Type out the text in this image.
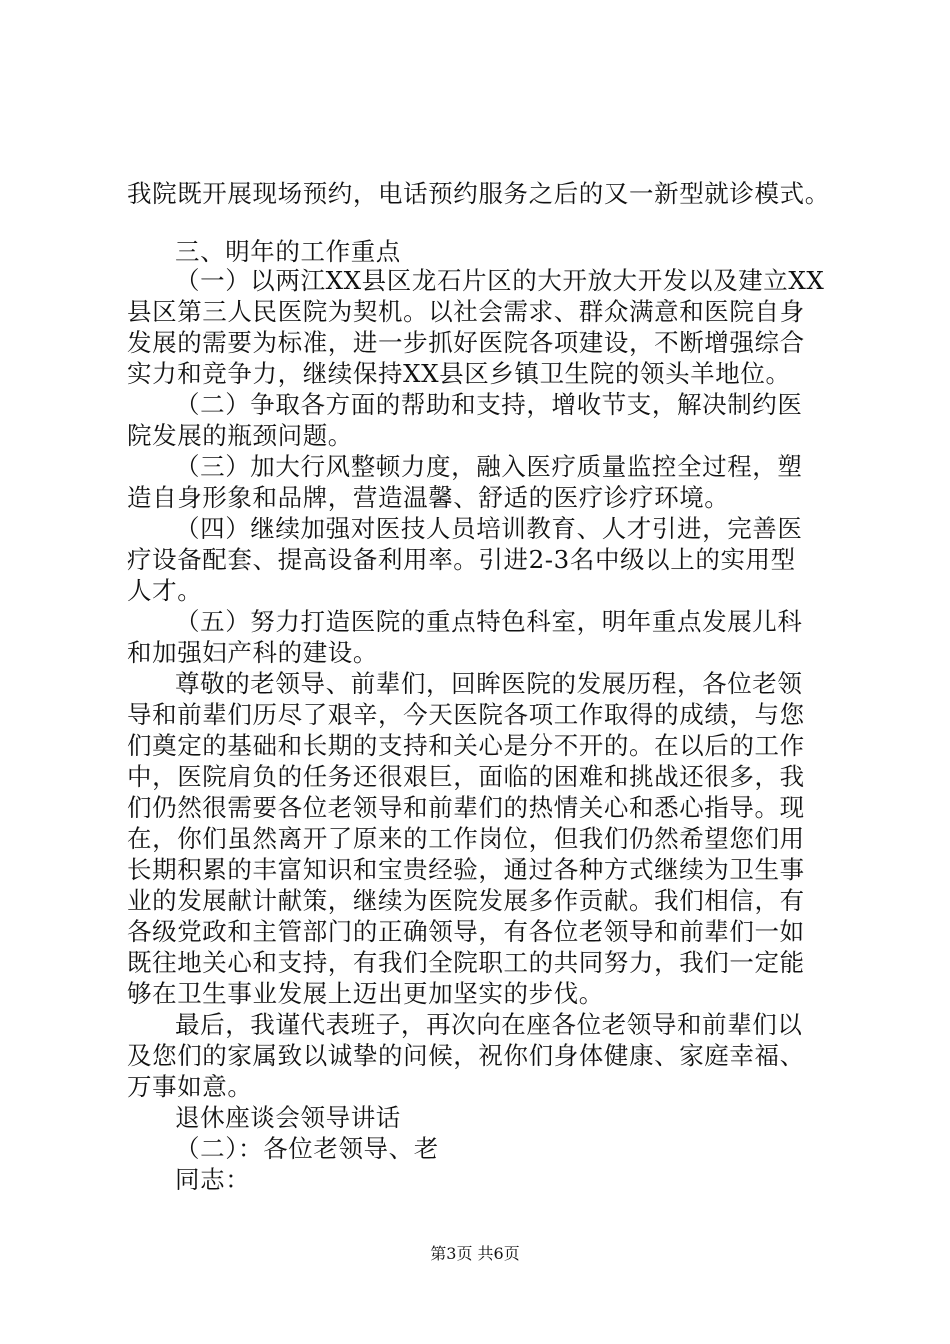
我院既开展现场预约，电话预约服务之后的又一新型就诊模式。
三、明年的工作重点
（一）以两江XX县区龙石片区的大开放大开发以及建立XX
县区第三人民医院为契机。以社会需求、群众满意和医院自身
发展的需要为标准，进一步抓好医院各项建设，不断增强综合
实力和竞争力，继续保持XX县区乡镇卫生院的领头羊地位。
（二）争取各方面的帮助和支持，增收节支，解决制约医
院发展的瓶颈问题。
（三）加大行风整顿力度，融入医疗质量监控全过程，塑
造自身形象和品牌，营造温馨、舒适的医疗诊疗环境。
（四）继续加强对医技人员培训教育、人才引进，完善医
疗设备配套、提高设备利用率。引进2-3名中级以上的实用型
人才。
（五）努力打造医院的重点特色科室，明年重点发展儿科
和加强妇产科的建设。
尊敬的老领导、前辈们，回眸医院的发展历程，各位老领
导和前辈们历尽了艰辛，今天医院各项工作取得的成绩，与您
们奠定的基础和长期的支持和关心是分不开的。在以后的工作
中，医院肩负的任务还很艰巨，面临的困难和挑战还很多，我
们仍然很需要各位老领导和前辈们的热情关心和悉心指导。现
在，你们虽然离开了原来的工作岗位，但我们仍然希望您们用
长期积累的丰富知识和宝贵经验，通过各种方式继续为卫生事
业的发展献计献策，继续为医院发展多作贡献。我们相信，有
各级党政和主管部门的正确领导，有各位老领导和前辈们一如
既往地关心和支持，有我们全院职工的共同努力，我们一定能
够在卫生事业发展上迈出更加坚实的步伐。
最后，我谨代表班子，再次向在座各位老领导和前辈们以
及您们的家属致以诚挚的问候，祝你们身体健康、家庭幸福、
万事如意。
退休座谈会领导讲话
（二）：各位老领导、老
同志：
第3页 共6页
